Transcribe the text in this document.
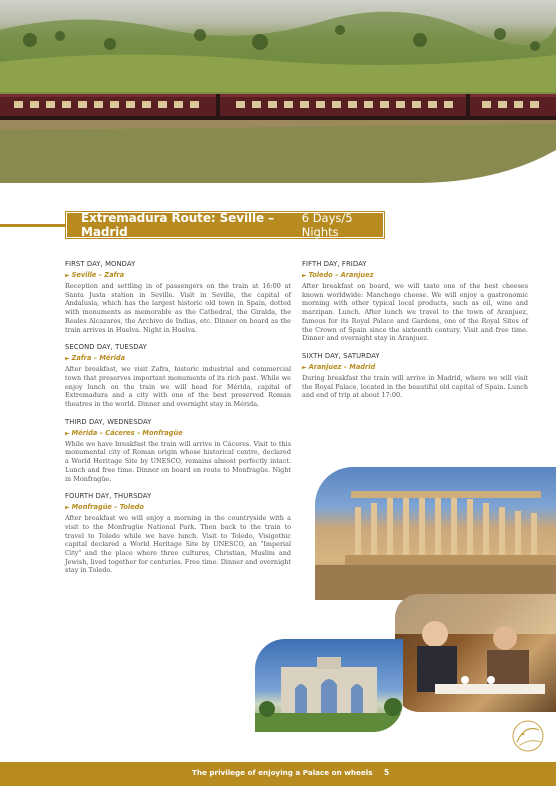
Extremadura Route: Seville – Madrid
6 Days/5 Nights
FIRST DAY, MONDAY
► Seville – Zafra

Reception and settling in of passengers on the train at 16:00 at Santa Justa station in Seville. Visit in Seville, the capital of Andalusia, which has the largest historic old town in Spain, dotted with monuments as memorable as the Cathedral, the Giralda, the Reales Alcazares, the Archivo de Indias, etc. Dinner on board as the train arrives in Huelva. Night in Huelva.

SECOND DAY, TUESDAY
► Zafra – Mérida

After breakfast, we visit Zafra, historic industrial and commercial town that preserves important monuments of its rich past. While we enjoy lunch on the train we will head for Mérida, capital of Extremadura and a city with one of the best preserved Roman theatres in the world. Dinner and overnight stay in Mérida.

THIRD DAY, WEDNESDAY
► Mérida – Cáceres – Monfragüe

While we have breakfast the train will arrive in Cáceres. Visit to this monumental city of Roman origin whose historical centre, declared a World Heritage Site by UNESCO, remains almost perfectly intact. Lunch and free time. Dinner on board en route to Monfragüe. Night in Monfragüe.

FOURTH DAY, THURSDAY
► Monfragüe – Toledo

After breakfast we will enjoy a morning in the countryside with a visit to the Monfragüe National Park. Then back to the train to travel to Toledo while we have lunch. Visit to Toledo, Visigothic capital declared a World Heritage Site by UNESCO, an "Imperial City" and the place where three cultures, Christian, Muslim and Jewish, lived together for centuries. Free time. Dinner and overnight stay in Toledo.

FIFTH DAY, FRIDAY
► Toledo – Aranjuez

After breakfast on board, we will taste one of the best cheeses known worldwide: Manchego cheese. We will enjoy a gastronomic morning with other typical local products, such as oil, wine and marzipan. Lunch. After lunch we travel to the town of Aranjuez, famous for its Royal Palace and Gardens, one of the Royal Sites of the Crown of Spain since the sixteenth century. Visit and free time. Dinner and overnight stay in Aranjuez.

SIXTH DAY, SATURDAY
► Aranjuez – Madrid

During breakfast the train will arrive in Madrid, where we will visit the Royal Palace, located in the beautiful old capital of Spain. Lunch and end of trip at about 17:00.

The privilege of enjoying a Palace on wheels 5
